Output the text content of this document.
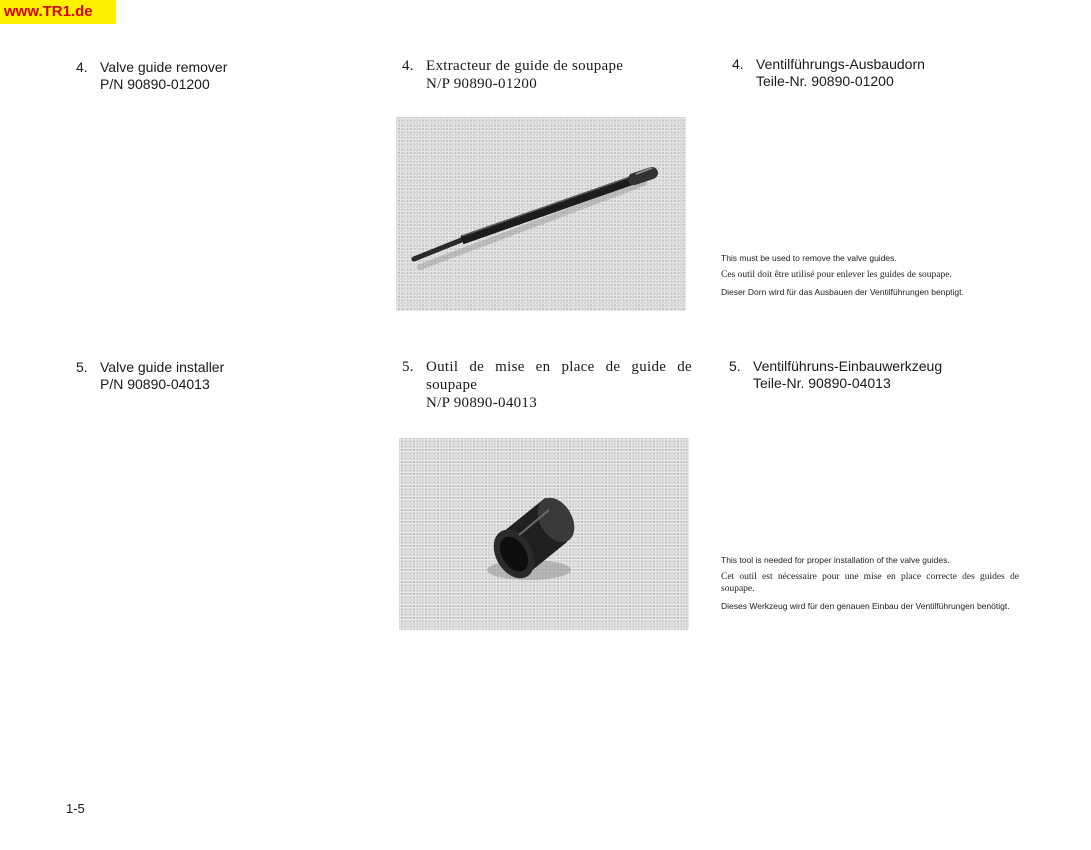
www.TR1.de
4. Valve guide remover
P/N 90890-01200
4. Extracteur de guide de soupape
N/P 90890-01200
4. Ventilführungs-Ausbaudorn
Teile-Nr. 90890-01200

This must be used to remove the valve guides.

Ces outil doit être utilisé pour enlever les guides de soupape.

Dieser Dorn wird für das Ausbauen der Ventilführungen benptigt.

5. Valve guide installer
P/N 90890-04013
5. Outil de mise en place de guide de
soupape
N/P 90890-04013
5. Ventilführuns-Einbauwerkzeug
Teile-Nr. 90890-04013

This tool is needed for proper installation of the valve guides.

Cet outil est nécessaire pour une mise en place correcte des guides de soupape.

Dieses Werkzeug wird für den genauen Einbau der Ventilführungen benötigt.

1-5
